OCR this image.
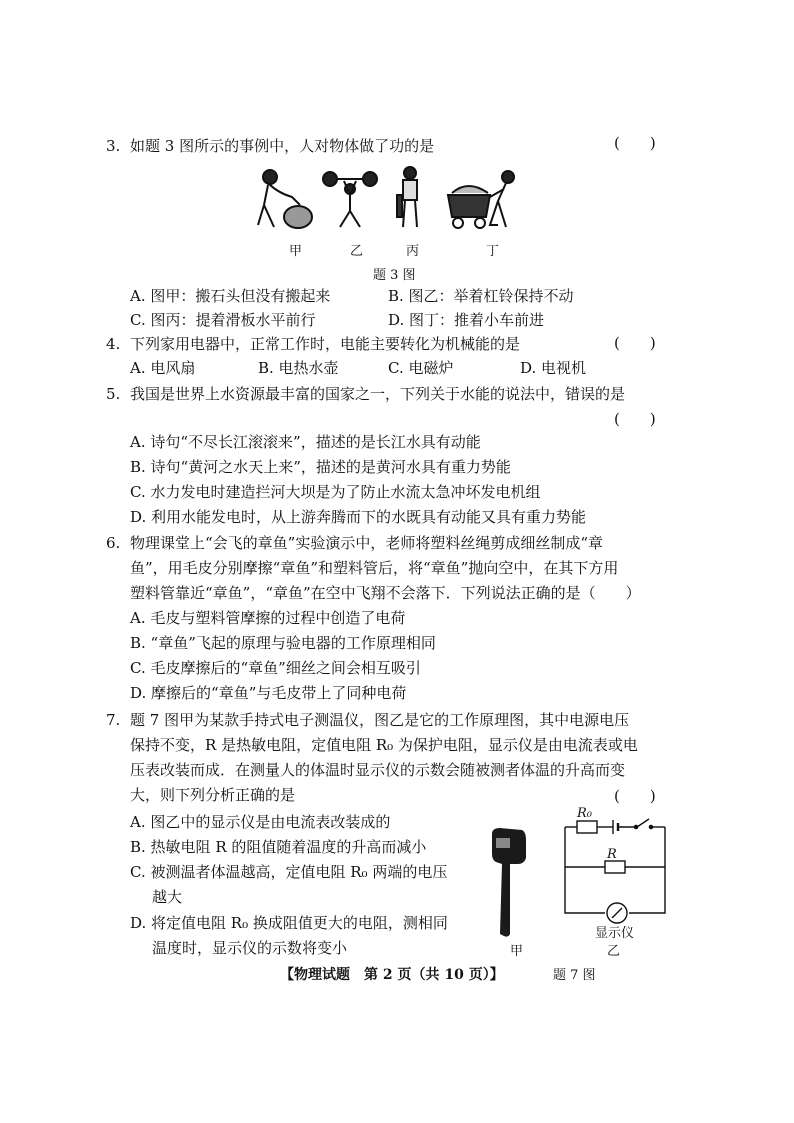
3. 如题 3 图所示的事例中，人对物体做了功的是	(　　)
甲	乙	丙	丁
题 3 图
A. 图甲：搬石头但没有搬起来	B. 图乙：举着杠铃保持不动
C. 图丙：提着滑板水平前行	D. 图丁：推着小车前进
4. 下列家用电器中，正常工作时，电能主要转化为机械能的是	(　　)
A. 电风扇	B. 电热水壶	C. 电磁炉	D. 电视机
5. 我国是世界上水资源最丰富的国家之一，下列关于水能的说法中，错误的是
(　　)
A. 诗句“不尽长江滚滚来”，描述的是长江水具有动能
B. 诗句“黄河之水天上来”，描述的是黄河水具有重力势能
C. 水力发电时建造拦河大坝是为了防止水流太急冲坏发电机组
D. 利用水能发电时，从上游奔腾而下的水既具有动能又具有重力势能
6. 物理课堂上“会飞的章鱼”实验演示中，老师将塑料丝绳剪成细丝制成“章
鱼”，用毛皮分别摩擦“章鱼”和塑料管后，将“章鱼”抛向空中，在其下方用
塑料管靠近“章鱼”，“章鱼”在空中飞翔不会落下．下列说法正确的是（　　）
A. 毛皮与塑料管摩擦的过程中创造了电荷
B. “章鱼”飞起的原理与验电器的工作原理相同
C. 毛皮摩擦后的“章鱼”细丝之间会相互吸引
D. 摩擦后的“章鱼”与毛皮带上了同种电荷
7. 题 7 图甲为某款手持式电子测温仪，图乙是它的工作原理图，其中电源电压
保持不变，R 是热敏电阻，定值电阻 R₀ 为保护电阻，显示仪是由电流表或电
压表改装而成．在测量人的体温时显示仪的示数会随被测者体温的升高而变
大，则下列分析正确的是	(　　)
A. 图乙中的显示仪是由电流表改装成的
B. 热敏电阻 R 的阻值随着温度的升高而减小
C. 被测温者体温越高，定值电阻 R₀ 两端的电压
越大
D. 将定值电阻 R₀ 换成阻值更大的电阻，测相同
温度时，显示仪的示数将变小	甲
R₀
R
显示仪
乙
题 7 图
【物理试题　第 2 页（共 10 页）】
